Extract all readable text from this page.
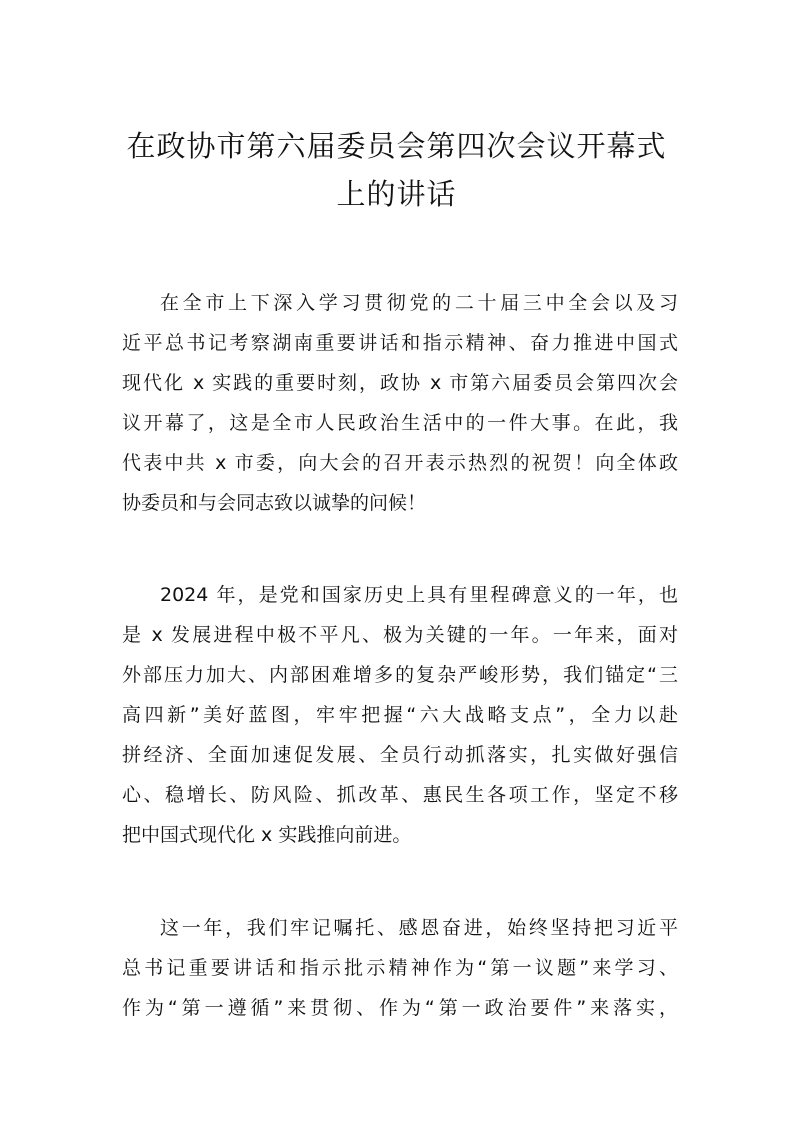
在政协市第六届委员会第四次会议开幕式
上的讲话
在全市上下深入学习贯彻党的二十届三中全会以及习
近平总书记考察湖南重要讲话和指示精神、奋力推进中国式
现代化 x 实践的重要时刻，政协 x 市第六届委员会第四次会
议开幕了，这是全市人民政治生活中的一件大事。在此，我
代表中共 x 市委，向大会的召开表示热烈的祝贺！向全体政
协委员和与会同志致以诚挚的问候！
2024 年，是党和国家历史上具有里程碑意义的一年，也
是 x 发展进程中极不平凡、极为关键的一年。一年来，面对
外部压力加大、内部困难增多的复杂严峻形势，我们锚定“三
高四新”美好蓝图，牢牢把握“六大战略支点”，全力以赴
拼经济、全面加速促发展、全员行动抓落实，扎实做好强信
心、稳增长、防风险、抓改革、惠民生各项工作，坚定不移
把中国式现代化 x 实践推向前进。
这一年，我们牢记嘱托、感恩奋进，始终坚持把习近平
总书记重要讲话和指示批示精神作为“第一议题”来学习、
作为“第一遵循”来贯彻、作为“第一政治要件”来落实，
